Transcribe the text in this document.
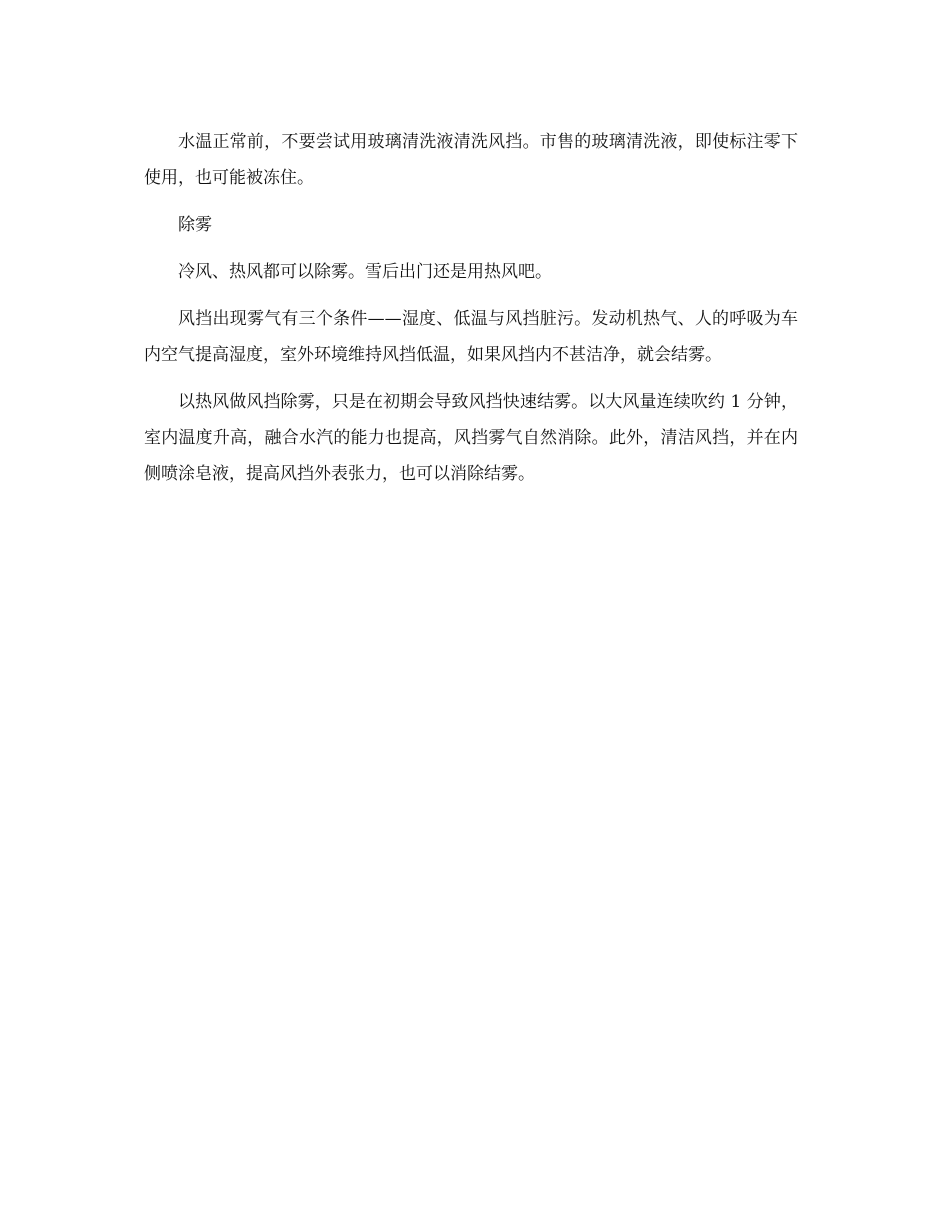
水温正常前，不要尝试用玻璃清洗液清洗风挡。市售的玻璃清洗液，即使标注零下使用，也可能被冻住。

除雾

冷风、热风都可以除雾。雪后出门还是用热风吧。

风挡出现雾气有三个条件——湿度、低温与风挡脏污。发动机热气、人的呼吸为车内空气提高湿度，室外环境维持风挡低温，如果风挡内不甚洁净，就会结雾。

以热风做风挡除雾，只是在初期会导致风挡快速结雾。以大风量连续吹约 1 分钟，室内温度升高，融合水汽的能力也提高，风挡雾气自然消除。此外，清洁风挡，并在内侧喷涂皂液，提高风挡外表张力，也可以消除结雾。
